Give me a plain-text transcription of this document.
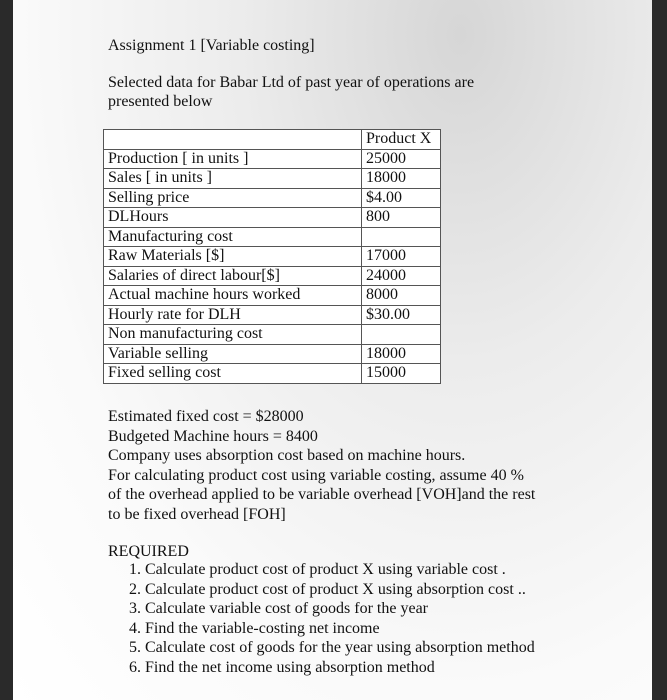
Assignment 1 [Variable costing]
Selected data for Babar Ltd of past year of operations are
presented below
	Product X
Production [ in units ]	25000
Sales [ in units ]	18000
Selling price	$4.00
DLHours	800
Manufacturing cost	
Raw Materials [$]	17000
Salaries of direct labour[$]	24000
Actual machine hours worked	8000
Hourly rate for DLH	$30.00
Non manufacturing cost	
Variable selling	18000
Fixed selling cost	15000
Estimated fixed cost = $28000
Budgeted Machine hours = 8400
Company uses absorption cost based on machine hours.
For calculating product cost using variable costing, assume 40 %
of the overhead applied to be variable overhead [VOH]and the rest
to be fixed overhead [FOH]
REQUIRED
1. Calculate product cost of product X using variable cost .
2. Calculate product cost of product X using absorption cost ..
3. Calculate variable cost of goods for the year
4. Find the variable-costing net income
5. Calculate cost of goods for the year using absorption method
6. Find the net income using absorption method
